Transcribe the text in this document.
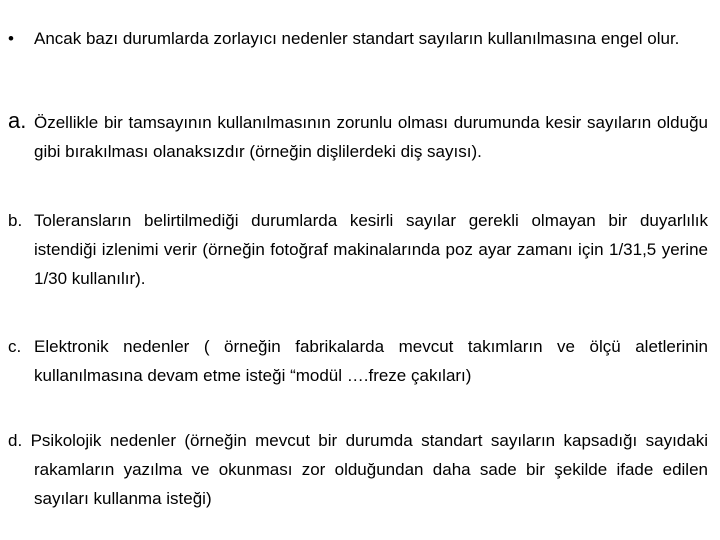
• Ancak bazı durumlarda zorlayıcı nedenler standart sayıların kullanılmasına engel olur.
a. Özellikle bir tamsayının kullanılmasının zorunlu olması durumunda kesir sayıların olduğu gibi bırakılması olanaksızdır (örneğin dişlilerdeki diş sayısı).
b. Toleransların belirtilmediği durumlarda kesirli sayılar gerekli olmayan bir duyarlılık istendiği izlenimi verir (örneğin fotoğraf makinalarında poz ayar zamanı için 1/31,5 yerine 1/30 kullanılır).
c. Elektronik nedenler ( örneğin fabrikalarda mevcut takımların ve ölçü aletlerinin kullanılmasına devam etme isteği “modül ….freze çakıları)
d. Psikolojik nedenler (örneğin mevcut bir durumda standart sayıların kapsadığı sayıdaki rakamların yazılma ve okunması zor olduğundan daha sade bir şekilde ifade edilen sayıları kullanma isteği)
